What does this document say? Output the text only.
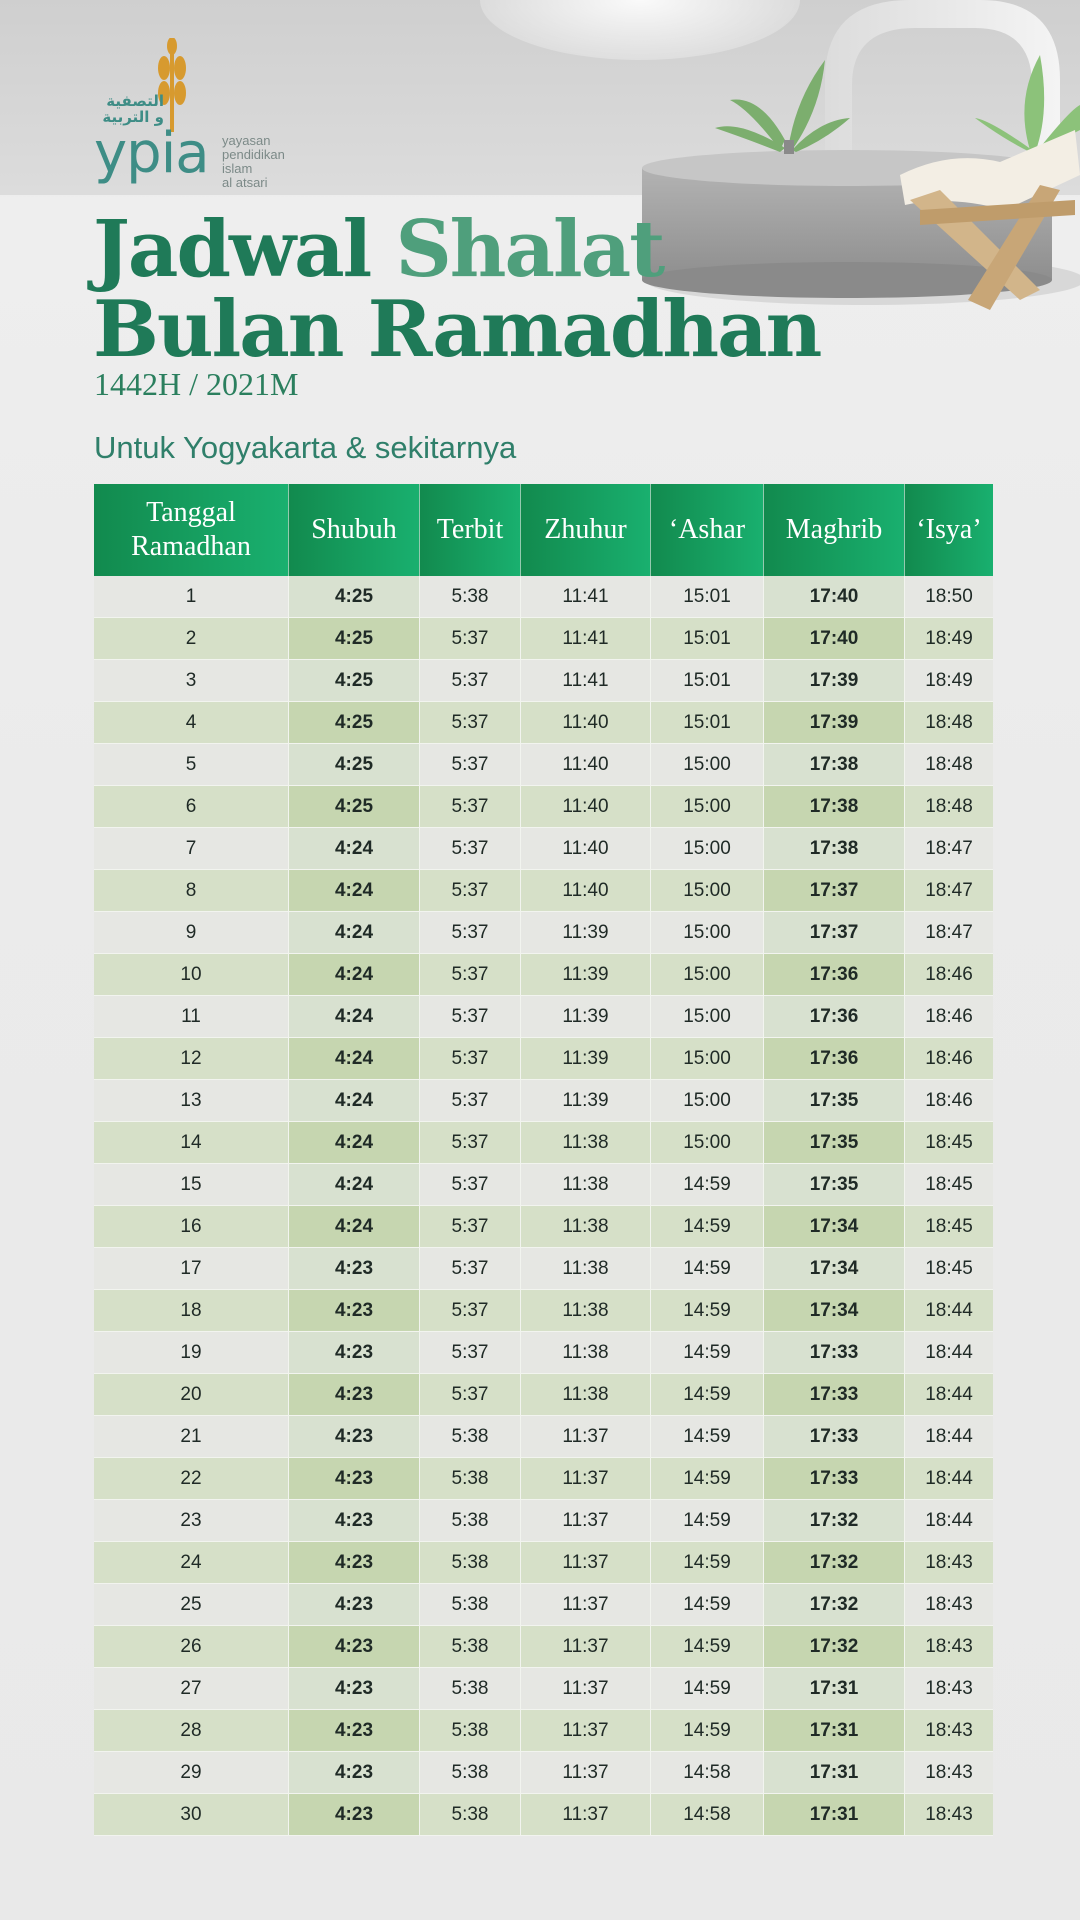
التصفية
و التربية
ypia yayasan
pendidikan
islam
al atsari
Jadwal Shalat
Bulan Ramadhan

1442H / 2021M

Untuk Yogyakarta & sekitarnya

Tanggal Ramadhan	Shubuh	Terbit	Zhuhur	‘Ashar	Maghrib	‘Isya’
1	4:25	5:38	11:41	15:01	17:40	18:50
2	4:25	5:37	11:41	15:01	17:40	18:49
3	4:25	5:37	11:41	15:01	17:39	18:49
4	4:25	5:37	11:40	15:01	17:39	18:48
5	4:25	5:37	11:40	15:00	17:38	18:48
6	4:25	5:37	11:40	15:00	17:38	18:48
7	4:24	5:37	11:40	15:00	17:38	18:47
8	4:24	5:37	11:40	15:00	17:37	18:47
9	4:24	5:37	11:39	15:00	17:37	18:47
10	4:24	5:37	11:39	15:00	17:36	18:46
11	4:24	5:37	11:39	15:00	17:36	18:46
12	4:24	5:37	11:39	15:00	17:36	18:46
13	4:24	5:37	11:39	15:00	17:35	18:46
14	4:24	5:37	11:38	15:00	17:35	18:45
15	4:24	5:37	11:38	14:59	17:35	18:45
16	4:24	5:37	11:38	14:59	17:34	18:45
17	4:23	5:37	11:38	14:59	17:34	18:45
18	4:23	5:37	11:38	14:59	17:34	18:44
19	4:23	5:37	11:38	14:59	17:33	18:44
20	4:23	5:37	11:38	14:59	17:33	18:44
21	4:23	5:38	11:37	14:59	17:33	18:44
22	4:23	5:38	11:37	14:59	17:33	18:44
23	4:23	5:38	11:37	14:59	17:32	18:44
24	4:23	5:38	11:37	14:59	17:32	18:43
25	4:23	5:38	11:37	14:59	17:32	18:43
26	4:23	5:38	11:37	14:59	17:32	18:43
27	4:23	5:38	11:37	14:59	17:31	18:43
28	4:23	5:38	11:37	14:59	17:31	18:43
29	4:23	5:38	11:37	14:58	17:31	18:43
30	4:23	5:38	11:37	14:58	17:31	18:43
